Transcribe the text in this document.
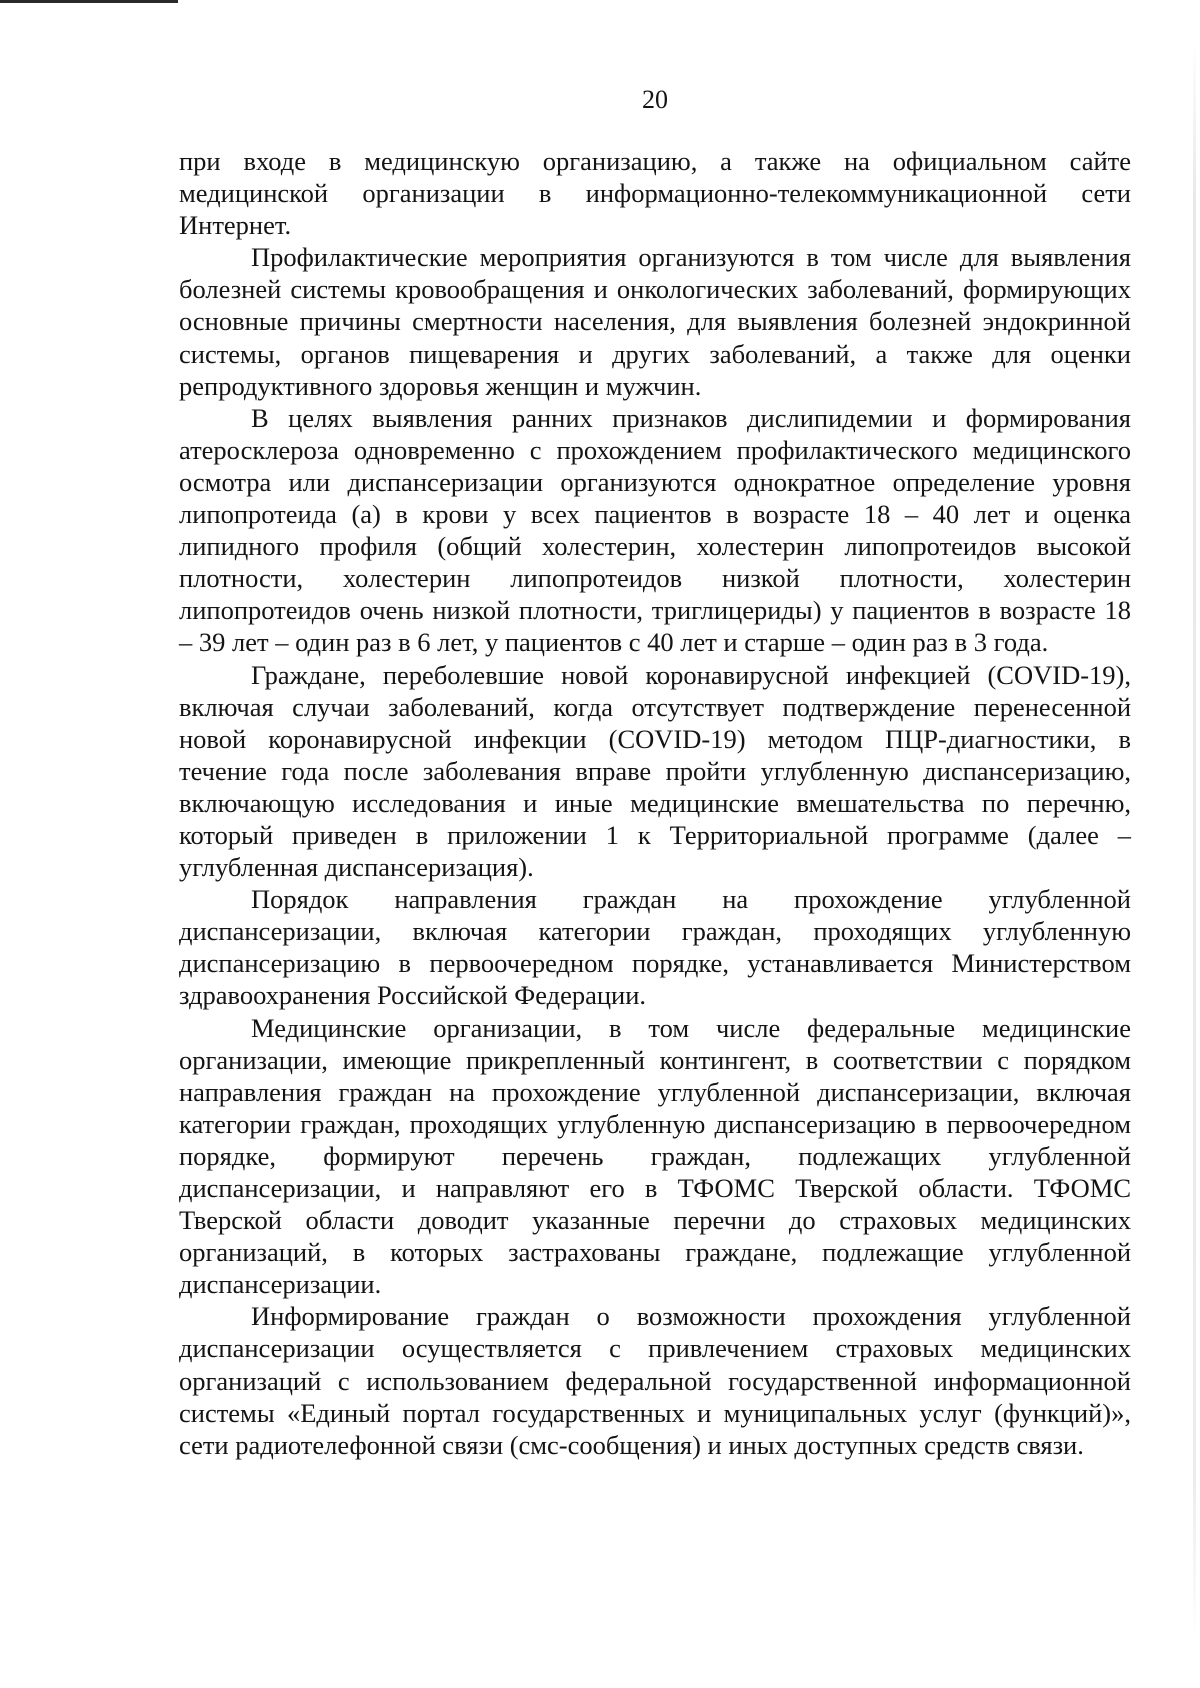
20

при входе в медицинскую организацию, а также на официальном сайте медицинской организации в информационно-телекоммуникационной сети Интернет.

Профилактические мероприятия организуются в том числе для выявления болезней системы кровообращения и онкологических заболеваний, формирующих основные причины смертности населения, для выявления болезней эндокринной системы, органов пищеварения и других заболеваний, а также для оценки репродуктивного здоровья женщин и мужчин.

В целях выявления ранних признаков дислипидемии и формирования атеросклероза одновременно с прохождением профилактического медицинского осмотра или диспансеризации организуются однократное определение уровня липопротеида (а) в крови у всех пациентов в возрасте 18 – 40 лет и оценка липидного профиля (общий холестерин, холестерин липопротеидов высокой плотности, холестерин липопротеидов низкой плотности, холестерин липопротеидов очень низкой плотности, триглицериды) у пациентов в возрасте 18 – 39 лет – один раз в 6 лет, у пациентов с 40 лет и старше – один раз в 3 года.

Граждане, переболевшие новой коронавирусной инфекцией (COVID-19), включая случаи заболеваний, когда отсутствует подтверждение перенесенной новой коронавирусной инфекции (COVID-19) методом ПЦР-диагностики, в течение года после заболевания вправе пройти углубленную диспансеризацию, включающую исследования и иные медицинские вмешательства по перечню, который приведен в приложении 1 к Территориальной программе (далее – углубленная диспансеризация).

Порядок направления граждан на прохождение углубленной диспансеризации, включая категории граждан, проходящих углубленную диспансеризацию в первоочередном порядке, устанавливается Министерством здравоохранения Российской Федерации.

Медицинские организации, в том числе федеральные медицинские организации, имеющие прикрепленный контингент, в соответствии с порядком направления граждан на прохождение углубленной диспансеризации, включая категории граждан, проходящих углубленную диспансеризацию в первоочередном порядке, формируют перечень граждан, подлежащих углубленной диспансеризации, и направляют его в ТФОМС Тверской области. ТФОМС Тверской области доводит указанные перечни до страховых медицинских организаций, в которых застрахованы граждане, подлежащие углубленной диспансеризации.

Информирование граждан о возможности прохождения углубленной диспансеризации осуществляется с привлечением страховых медицинских организаций с использованием федеральной государственной информационной системы «Единый портал государственных и муниципальных услуг (функций)», сети радиотелефонной связи (смс-сообщения) и иных доступных средств связи.
